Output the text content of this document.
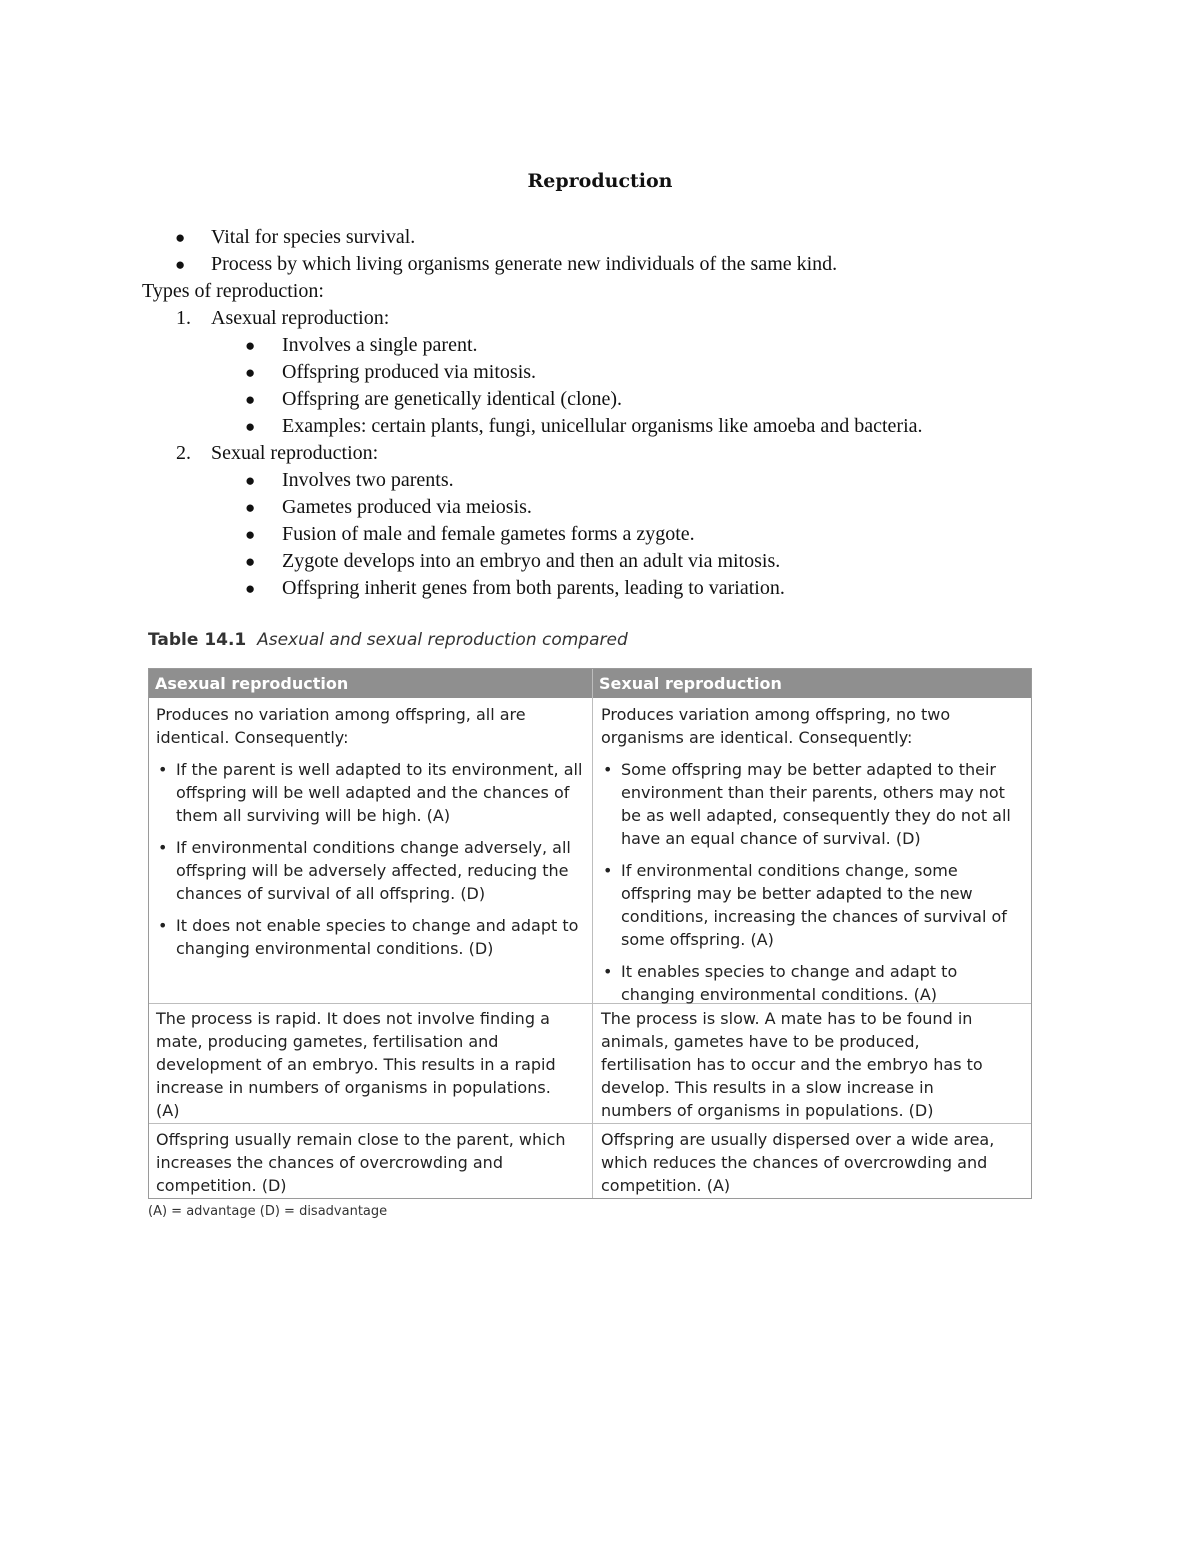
Reproduction
● Vital for species survival.
● Process by which living organisms generate new individuals of the same kind.
Types of reproduction:
1. Asexual reproduction:
● Involves a single parent.
● Offspring produced via mitosis.
● Offspring are genetically identical (clone).
● Examples: certain plants, fungi, unicellular organisms like amoeba and bacteria.
2. Sexual reproduction:
● Involves two parents.
● Gametes produced via meiosis.
● Fusion of male and female gametes forms a zygote.
● Zygote develops into an embryo and then an adult via mitosis.
● Offspring inherit genes from both parents, leading to variation.
Table 14.1 Asexual and sexual reproduction compared
Asexual reproduction	Sexual reproduction

Produces no variation among offspring, all are identical. Consequently:

• If the parent is well adapted to its environment, all offspring will be well adapted and the chances of them all surviving will be high. (A)
• If environmental conditions change adversely, all offspring will be adversely affected, reducing the chances of survival of all offspring. (D)
• It does not enable species to change and adapt to changing environmental conditions. (D)

Produces variation among offspring, no two organisms are identical. Consequently:

• Some offspring may be better adapted to their environment than their parents, others may not be as well adapted, consequently they do not all have an equal chance of survival. (D)
• If environmental conditions change, some offspring may be better adapted to the new conditions, increasing the chances of survival of some offspring. (A)
• It enables species to change and adapt to changing environmental conditions. (A)

The process is rapid. It does not involve finding a mate, producing gametes, fertilisation and development of an embryo. This results in a rapid increase in numbers of organisms in populations. (A)

The process is slow. A mate has to be found in animals, gametes have to be produced, fertilisation has to occur and the embryo has to develop. This results in a slow increase in numbers of organisms in populations. (D)

Offspring usually remain close to the parent, which increases the chances of overcrowding and competition. (D)

Offspring are usually dispersed over a wide area, which reduces the chances of overcrowding and competition. (A)

(A) = advantage (D) = disadvantage
